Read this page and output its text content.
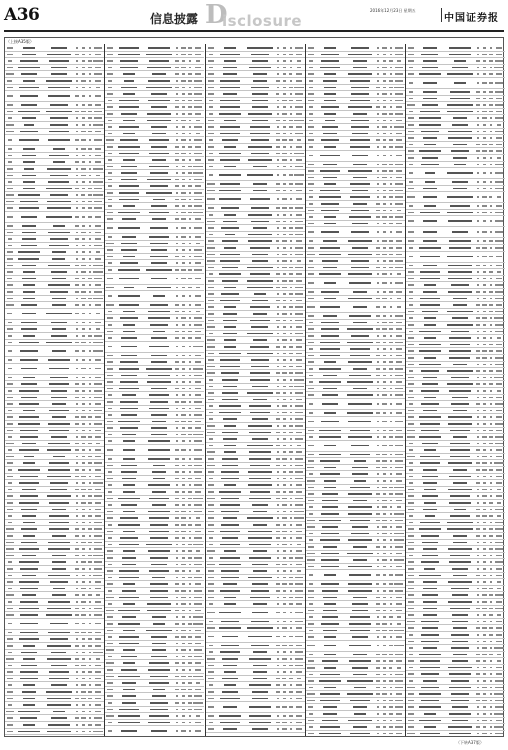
A36	信息披露 D
isclosure
2016年12月23日 星期五
中国证券报
（上接A35版）
（下转A37版）
